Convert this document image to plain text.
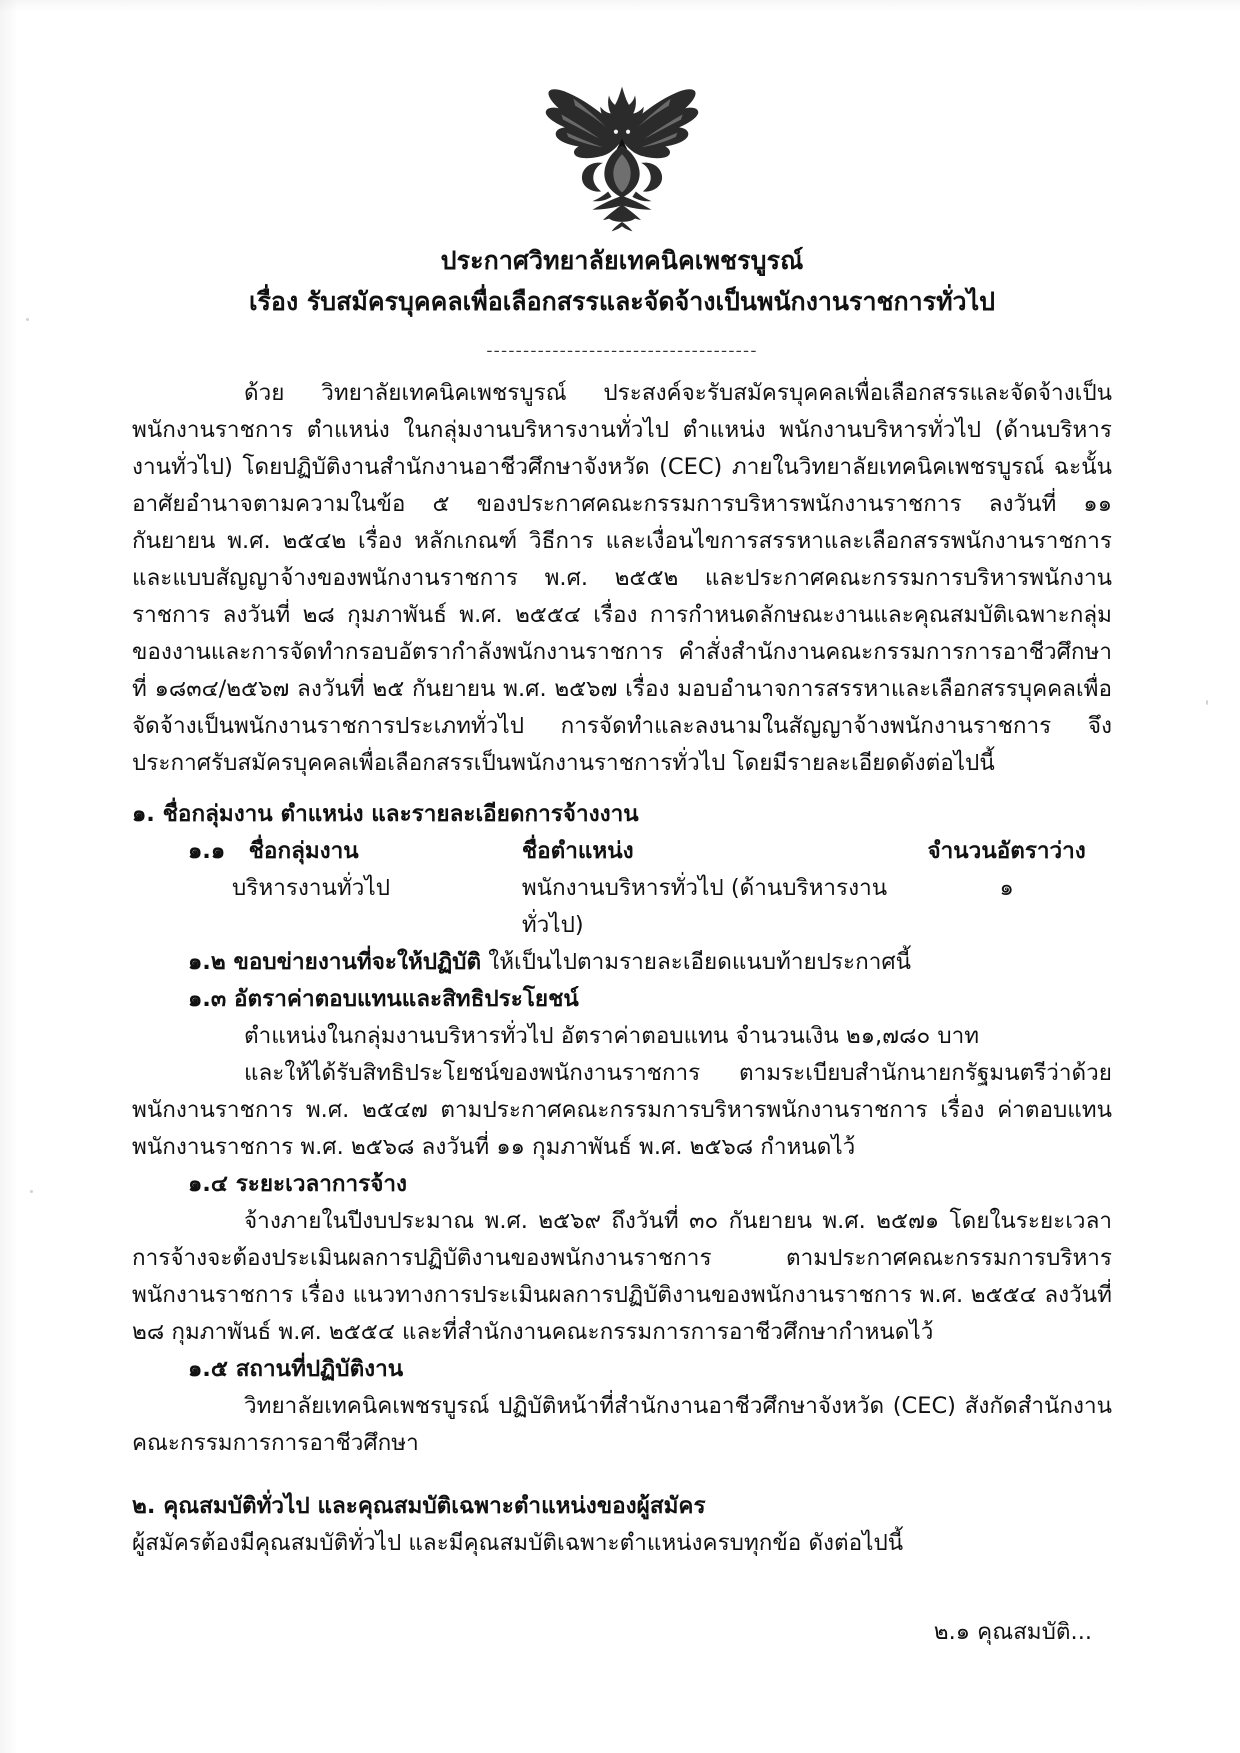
ประกาศวิทยาลัยเทคนิคเพชรบูรณ์
เรื่อง รับสมัครบุคคลเพื่อเลือกสรรและจัดจ้างเป็นพนักงานราชการทั่วไป
-------------------------------------

ด้วย วิทยาลัยเทคนิคเพชรบูรณ์ ประสงค์จะรับสมัครบุคคลเพื่อเลือกสรรและจัดจ้างเป็นพนักงานราชการ ตำแหน่ง ในกลุ่มงานบริหารงานทั่วไป ตำแหน่ง พนักงานบริหารทั่วไป (ด้านบริหารงานทั่วไป) โดยปฏิบัติงานสำนักงานอาชีวศึกษาจังหวัด (CEC) ภายในวิทยาลัยเทคนิคเพชรบูรณ์ ฉะนั้น อาศัยอำนาจตามความในข้อ ๕ ของประกาศคณะกรรมการบริหารพนักงานราชการ ลงวันที่ ๑๑ กันยายน พ.ศ. ๒๕๔๒ เรื่อง หลักเกณฑ์ วิธีการ และเงื่อนไขการสรรหาและเลือกสรรพนักงานราชการและแบบสัญญาจ้างของพนักงานราชการ พ.ศ. ๒๕๕๒ และประกาศคณะกรรมการบริหารพนักงานราชการ ลงวันที่ ๒๘ กุมภาพันธ์ พ.ศ. ๒๕๕๔ เรื่อง การกำหนดลักษณะงานและคุณสมบัติเฉพาะกลุ่มของงานและการจัดทำกรอบอัตรากำลังพนักงานราชการ คำสั่งสำนักงานคณะกรรมการการอาชีวศึกษา ที่ ๑๘๓๔/๒๕๖๗ ลงวันที่ ๒๕ กันยายน พ.ศ. ๒๕๖๗ เรื่อง มอบอำนาจการสรรหาและเลือกสรรบุคคลเพื่อจัดจ้างเป็นพนักงานราชการประเภททั่วไป การจัดทำและลงนามในสัญญาจ้างพนักงานราชการ จึงประกาศรับสมัครบุคคลเพื่อเลือกสรรเป็นพนักงานราชการทั่วไป โดยมีรายละเอียดดังต่อไปนี้

๑. ชื่อกลุ่มงาน ตำแหน่ง และรายละเอียดการจ้างงาน
๑.๑ ชื่อกลุ่มงาน	ชื่อตำแหน่ง	จำนวนอัตราว่าง
บริหารงานทั่วไป	พนักงานบริหารทั่วไป (ด้านบริหารงานทั่วไป)	๑
๑.๒ ขอบข่ายงานที่จะให้ปฏิบัติ ให้เป็นไปตามรายละเอียดแนบท้ายประกาศนี้
๑.๓ อัตราค่าตอบแทนและสิทธิประโยชน์
ตำแหน่งในกลุ่มงานบริหารทั่วไป อัตราค่าตอบแทน จำนวนเงิน ๒๑,๗๘๐ บาท
และให้ได้รับสิทธิประโยชน์ของพนักงานราชการ ตามระเบียบสำนักนายกรัฐมนตรีว่าด้วยพนักงานราชการ พ.ศ. ๒๕๔๗ ตามประกาศคณะกรรมการบริหารพนักงานราชการ เรื่อง ค่าตอบแทนพนักงานราชการ พ.ศ. ๒๕๖๘ ลงวันที่ ๑๑ กุมภาพันธ์ พ.ศ. ๒๕๖๘ กำหนดไว้
๑.๔ ระยะเวลาการจ้าง
จ้างภายในปีงบประมาณ พ.ศ. ๒๕๖๙ ถึงวันที่ ๓๐ กันยายน พ.ศ. ๒๕๗๑ โดยในระยะเวลาการจ้างจะต้องประเมินผลการปฏิบัติงานของพนักงานราชการ ตามประกาศคณะกรรมการบริหารพนักงานราชการ เรื่อง แนวทางการประเมินผลการปฏิบัติงานของพนักงานราชการ พ.ศ. ๒๕๕๔ ลงวันที่ ๒๘ กุมภาพันธ์ พ.ศ. ๒๕๕๔ และที่สำนักงานคณะกรรมการการอาชีวศึกษากำหนดไว้
๑.๕ สถานที่ปฏิบัติงาน
วิทยาลัยเทคนิคเพชรบูรณ์ ปฏิบัติหน้าที่สำนักงานอาชีวศึกษาจังหวัด (CEC) สังกัดสำนักงานคณะกรรมการการอาชีวศึกษา
๒. คุณสมบัติทั่วไป และคุณสมบัติเฉพาะตำแหน่งของผู้สมัคร
ผู้สมัครต้องมีคุณสมบัติทั่วไป และมีคุณสมบัติเฉพาะตำแหน่งครบทุกข้อ ดังต่อไปนี้
๒.๑ คุณสมบัติ...
